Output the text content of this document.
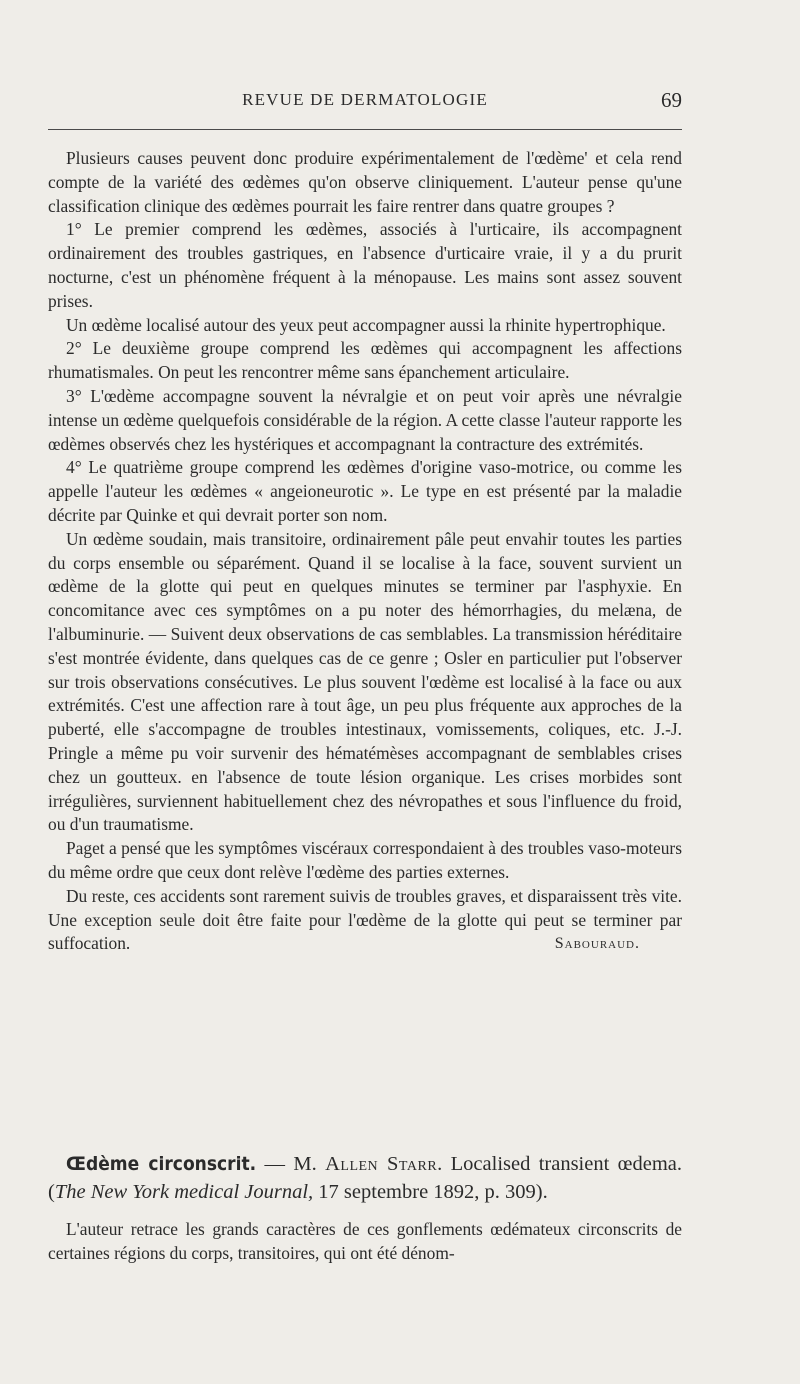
REVUE DE DERMATOLOGIE	69

Plusieurs causes peuvent donc produire expérimentalement de l'œdème' et cela rend compte de la variété des œdèmes qu'on observe cliniquement. L'auteur pense qu'une classification clinique des œdèmes pourrait les faire rentrer dans quatre groupes ?

1° Le premier comprend les œdèmes, associés à l'urticaire, ils accompagnent ordinairement des troubles gastriques, en l'absence d'urticaire vraie, il y a du prurit nocturne, c'est un phénomène fréquent à la ménopause. Les mains sont assez souvent prises.

Un œdème localisé autour des yeux peut accompagner aussi la rhinite hypertrophique.

2° Le deuxième groupe comprend les œdèmes qui accompagnent les affections rhumatismales. On peut les rencontrer même sans épanchement articulaire.

3° L'œdème accompagne souvent la névralgie et on peut voir après une névralgie intense un œdème quelquefois considérable de la région. A cette classe l'auteur rapporte les œdèmes observés chez les hystériques et accompagnant la contracture des extrémités.

4° Le quatrième groupe comprend les œdèmes d'origine vaso-motrice, ou comme les appelle l'auteur les œdèmes « angeioneurotic ». Le type en est présenté par la maladie décrite par Quinke et qui devrait porter son nom.

Un œdème soudain, mais transitoire, ordinairement pâle peut envahir toutes les parties du corps ensemble ou séparément. Quand il se localise à la face, souvent survient un œdème de la glotte qui peut en quelques minutes se terminer par l'asphyxie. En concomitance avec ces symptômes on a pu noter des hémorrhagies, du melæna, de l'albuminurie. — Suivent deux observations de cas semblables. La transmission héréditaire s'est montrée évidente, dans quelques cas de ce genre ; Osler en particulier put l'observer sur trois observations consécutives. Le plus souvent l'œdème est localisé à la face ou aux extrémités. C'est une affection rare à tout âge, un peu plus fréquente aux approches de la puberté, elle s'accompagne de troubles intestinaux, vomissements, coliques, etc. J.-J. Pringle a même pu voir survenir des hématémèses accompagnant de semblables crises chez un goutteux. en l'absence de toute lésion organique. Les crises morbides sont irrégulières, surviennent habituellement chez des névropathes et sous l'influence du froid, ou d'un traumatisme.

Paget a pensé que les symptômes viscéraux correspondaient à des troubles vaso-moteurs du même ordre que ceux dont relève l'œdème des parties externes.

Du reste, ces accidents sont rarement suivis de troubles graves, et disparaissent très vite. Une exception seule doit être faite pour l'œdème de la glotte qui peut se terminer par suffocation.	Sabouraud.

Œdème circonscrit. — M. Allen Starr. Localised transient œdema. (The New York medical Journal, 17 septembre 1892, p. 309).

L'auteur retrace les grands caractères de ces gonflements œdémateux circonscrits de certaines régions du corps, transitoires, qui ont été dénom-
